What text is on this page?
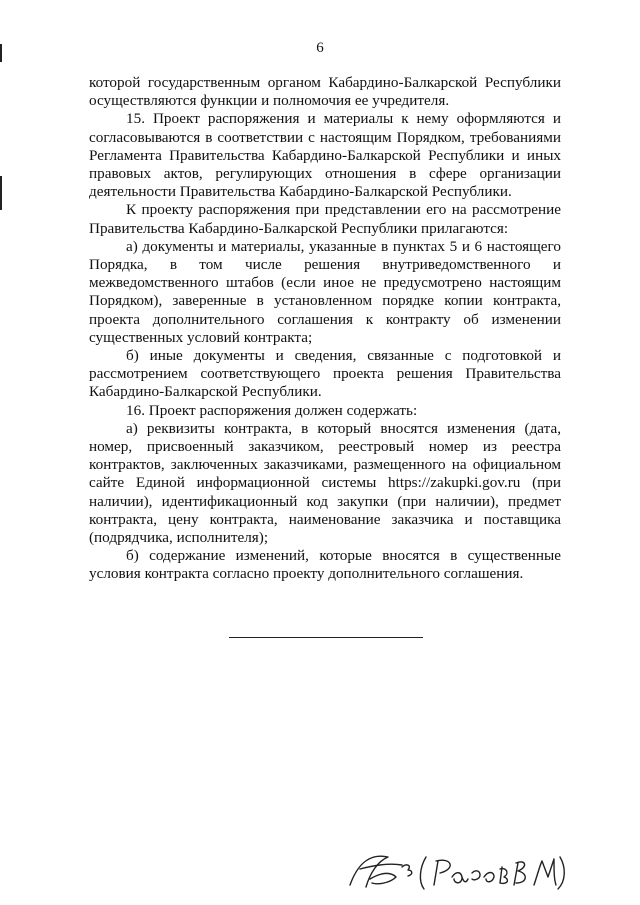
6

которой государственным органом Кабардино-Балкарской Республики осуществляются функции и полномочия ее учредителя.

15. Проект распоряжения и материалы к нему оформляются и согласовываются в соответствии с настоящим Порядком, требованиями Регламента Правительства Кабардино-Балкарской Республики и иных правовых актов, регулирующих отношения в сфере организации деятельности Правительства Кабардино-Балкарской Республики.

К проекту распоряжения при представлении его на рассмотрение Правительства Кабардино-Балкарской Республики прилагаются:

а) документы и материалы, указанные в пунктах 5 и 6 настоящего Порядка, в том числе решения внутриведомственного и межведомственного штабов (если иное не предусмотрено настоящим Порядком), заверенные в установленном порядке копии контракта, проекта дополнительного соглашения к контракту об изменении существенных условий контракта;

б) иные документы и сведения, связанные с подготовкой и рассмотрением соответствующего проекта решения Правительства Кабардино-Балкарской Республики.

16. Проект распоряжения должен содержать:

а) реквизиты контракта, в который вносятся изменения (дата, номер, присвоенный заказчиком, реестровый номер из реестра контрактов, заключенных заказчиками, размещенного на официальном сайте Единой информационной системы https://zakupki.gov.ru (при наличии), идентификационный код закупки (при наличии), предмет контракта, цену контракта, наименование заказчика и поставщика (подрядчика, исполнителя);

б) содержание изменений, которые вносятся в существенные условия контракта согласно проекту дополнительного соглашения.
